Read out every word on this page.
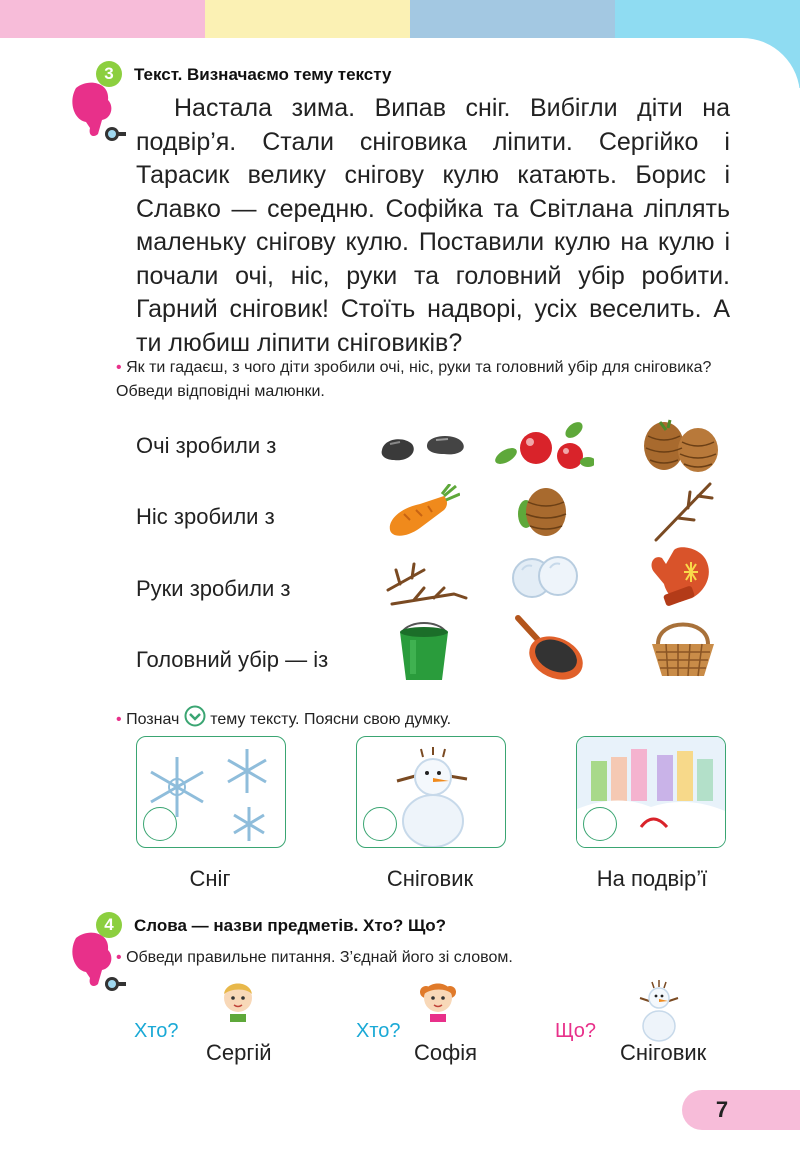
3	Текст. Визначаємо тему тексту

Настала зима. Випав сніг. Вибігли діти на подвір’я. Стали сніговика ліпити. Сергійко і Тарасик велику снігову кулю катають. Борис і Славко — середню. Софійка та Світлана ліплять маленьку снігову кулю. Поставили кулю на кулю і почали очі, ніс, руки та головний убір робити. Гарний сніговик! Стоїть надворі, усіх веселить. А ти любиш ліпити сніговиків?

• Як ти гадаєш, з чого діти зробили очі, ніс, руки та головний убір для сніговика? Обведи відповідні малюнки.
Очі зробили з
Ніс зробили з
Руки зробили з
Головний убір — із
• Познач тему тексту. Поясни свою думку.
Сніг	Сніговик	На подвір’ї
4	Слова — назви предметів. Хто? Що?
• Обведи правильне питання. З’єднай його зі словом.
Хто?
Сергій
Хто?
Софія
Що?
Сніговик
7
